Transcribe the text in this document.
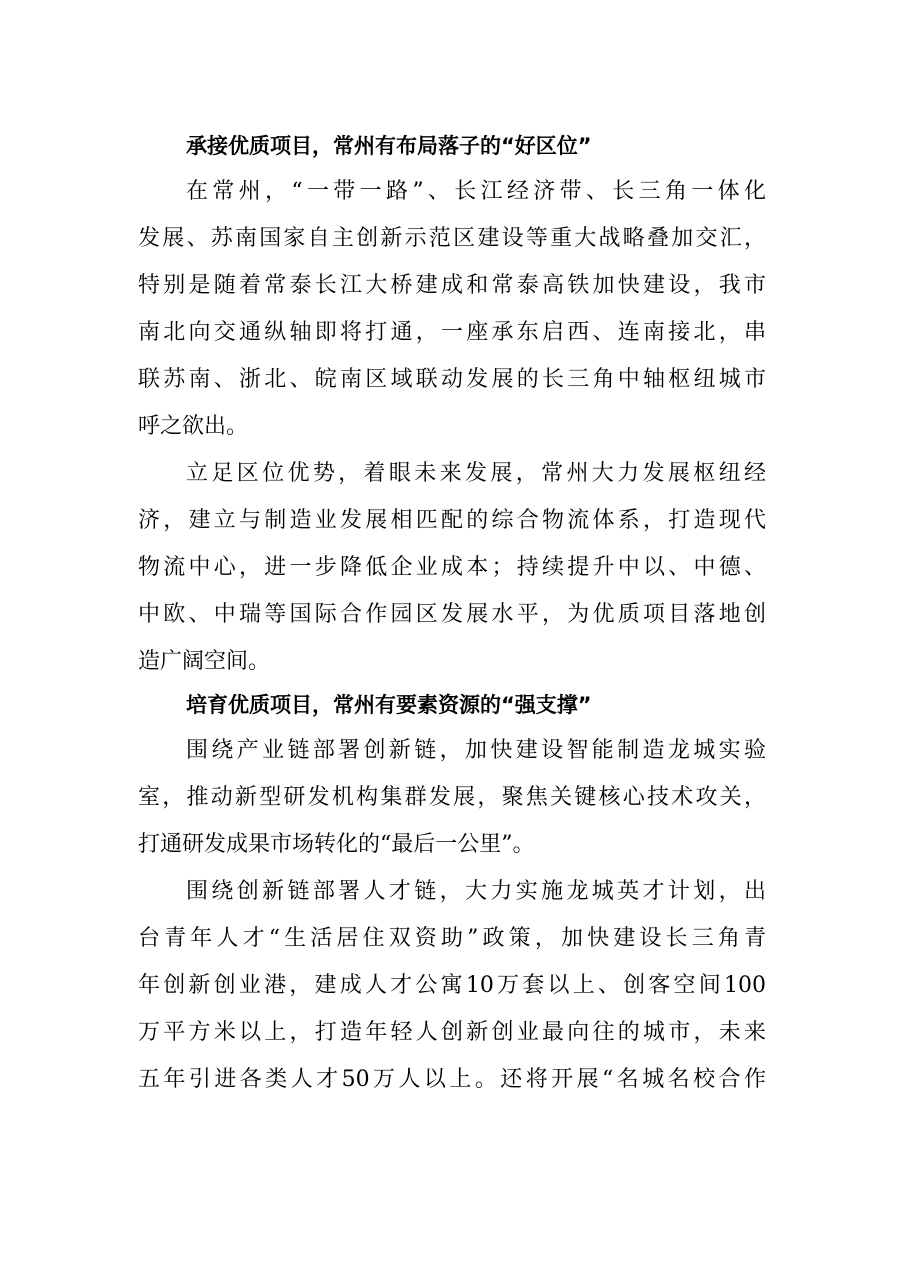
承接优质项目，常州有布局落子的“好区位”

在常州，“一带一路”、长江经济带、长三角一体化
发展、苏南国家自主创新示范区建设等重大战略叠加交汇，
特别是随着常泰长江大桥建成和常泰高铁加快建设，我市
南北向交通纵轴即将打通，一座承东启西、连南接北，串
联苏南、浙北、皖南区域联动发展的长三角中轴枢纽城市
呼之欲出。

立足区位优势，着眼未来发展，常州大力发展枢纽经
济，建立与制造业发展相匹配的综合物流体系，打造现代
物流中心，进一步降低企业成本；持续提升中以、中德、
中欧、中瑞等国际合作园区发展水平，为优质项目落地创
造广阔空间。

培育优质项目，常州有要素资源的“强支撑”

围绕产业链部署创新链，加快建设智能制造龙城实验
室，推动新型研发机构集群发展，聚焦关键核心技术攻关，
打通研发成果市场转化的“最后一公里”。

围绕创新链部署人才链，大力实施龙城英才计划，出
台青年人才“生活居住双资助”政策，加快建设长三角青
年创新创业港，建成人才公寓10万套以上、创客空间100
万平方米以上，打造年轻人创新创业最向往的城市，未来
五年引进各类人才50万人以上。还将开展“名城名校合作
